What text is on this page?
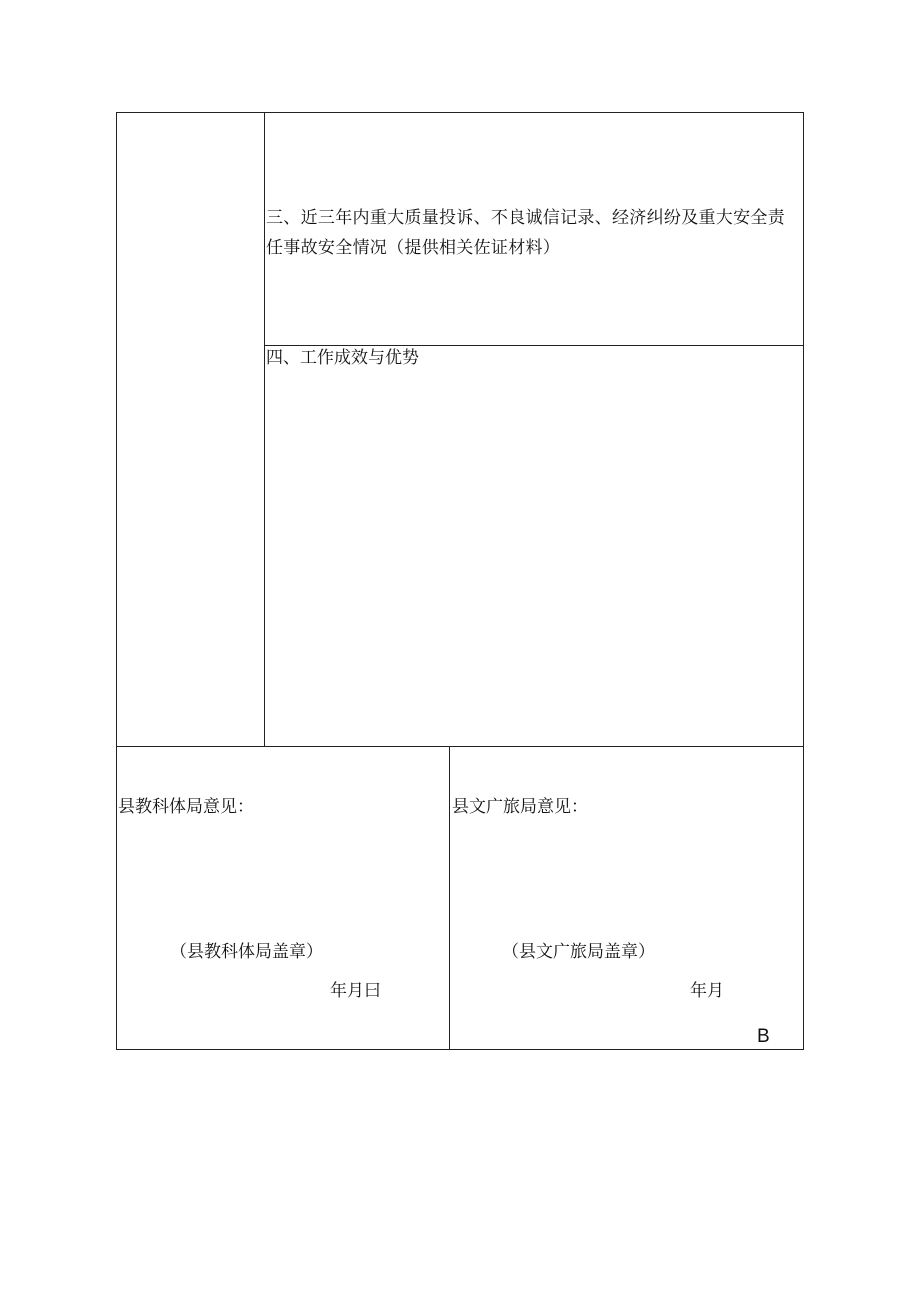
三、近三年内重大质量投诉、不良诚信记录、经济纠纷及重大安全责任事故安全情况（提供相关佐证材料）
四、工作成效与优势
县教科体局意见：
（县教科体局盖章）
年月曰
县文广旅局意见：
（县文广旅局盖章）
年月
B
